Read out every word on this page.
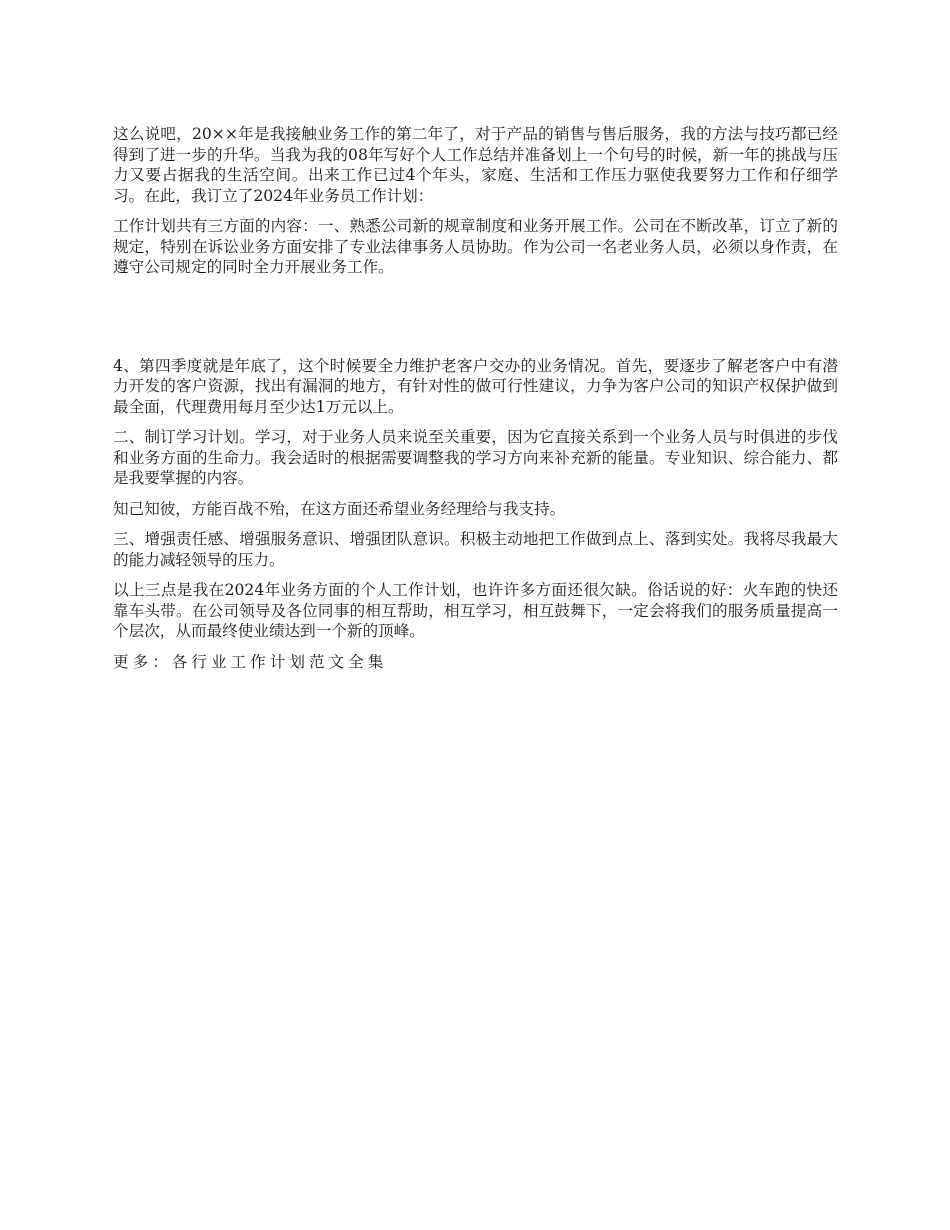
这么说吧，20××年是我接触业务工作的第二年了，对于产品的销售与售后服务，我的方法与技巧都已经得到了进一步的升华。当我为我的08年写好个人工作总结并准备划上一个句号的时候，新一年的挑战与压力又要占据我的生活空间。出来工作已过4个年头，家庭、生活和工作压力驱使我要努力工作和仔细学习。在此，我订立了2024年业务员工作计划：

工作计划共有三方面的内容：一、熟悉公司新的规章制度和业务开展工作。公司在不断改革，订立了新的规定，特别在诉讼业务方面安排了专业法律事务人员协助。作为公司一名老业务人员，必须以身作责，在遵守公司规定的同时全力开展业务工作。

4、第四季度就是年底了，这个时候要全力维护老客户交办的业务情况。首先，要逐步了解老客户中有潜力开发的客户资源，找出有漏洞的地方，有针对性的做可行性建议，力争为客户公司的知识产权保护做到最全面，代理费用每月至少达1万元以上。

二、制订学习计划。学习，对于业务人员来说至关重要，因为它直接关系到一个业务人员与时俱进的步伐和业务方面的生命力。我会适时的根据需要调整我的学习方向来补充新的能量。专业知识、综合能力、都是我要掌握的内容。

知己知彼，方能百战不殆，在这方面还希望业务经理给与我支持。

三、增强责任感、增强服务意识、增强团队意识。积极主动地把工作做到点上、落到实处。我将尽我最大的能力减轻领导的压力。

以上三点是我在2024年业务方面的个人工作计划，也许许多方面还很欠缺。俗话说的好：火车跑的快还靠车头带。在公司领导及各位同事的相互帮助，相互学习，相互鼓舞下，一定会将我们的服务质量提高一个层次，从而最终使业绩达到一个新的顶峰。

更多：各行业工作计划范文全集
